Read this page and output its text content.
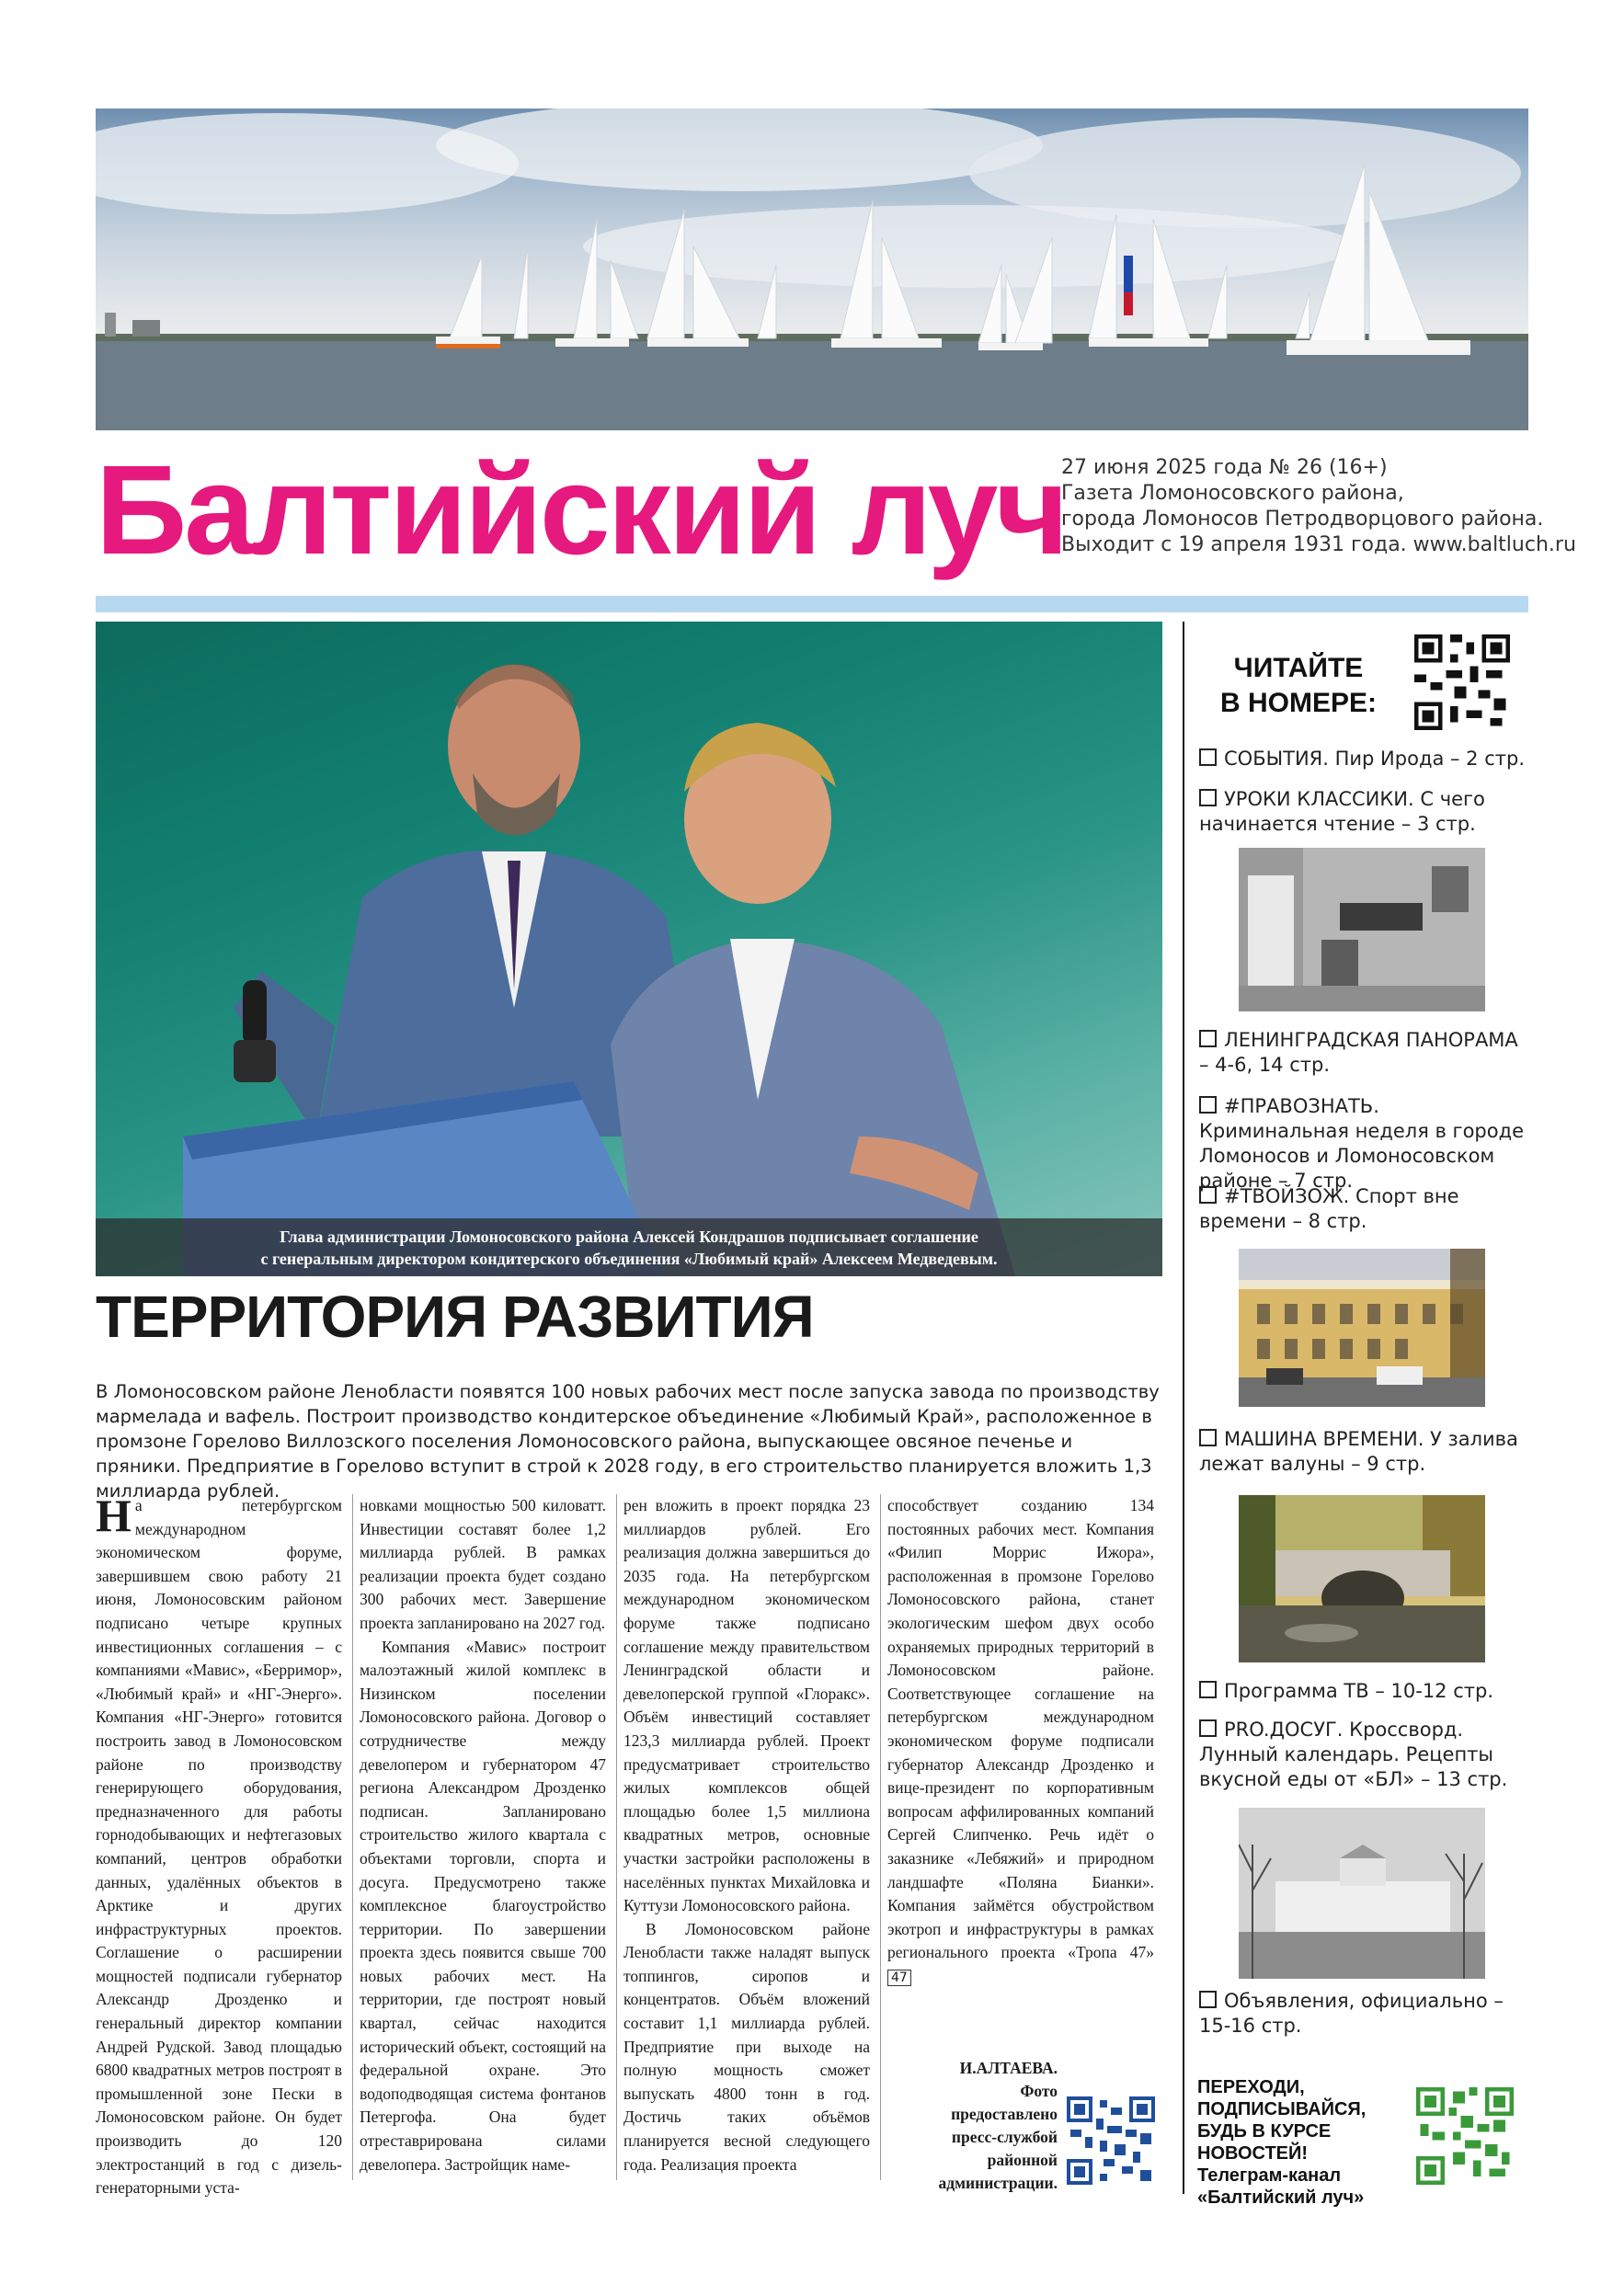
Балтийский луч
27 июня 2025 года № 26 (16+)
Газета Ломоносовского района,
города Ломоносов Петродворцового района.
Выходит с 19 апреля 1931 года. www.baltluch.ru
Глава администрации Ломоносовского района Алексей Кондрашов подписывает соглашение
с генеральным директором кондитерского объединения «Любимый край» Алексеем Медведевым.
ТЕРРИТОРИЯ РАЗВИТИЯ
В Ломоносовском районе Ленобласти появятся 100 новых рабочих мест после запуска завода по производству мармелада и вафель. Построит производство кондитерское объединение «Любимый Край», расположенное в промзоне Горелово Виллозского поселения Ломоносовского района, выпускающее овсяное печенье и пряники. Предприятие в Горелово вступит в строй к 2028 году, в его строительство планируется вложить 1,3 миллиарда рублей.

На петербургском международном экономическом форуме, завершившем свою работу 21 июня, Ломоносовским районом подписано четыре крупных инвестиционных соглашения – с компаниями «Мавис», «Берримор», «Любимый край» и «НГ-Энерго». Компания «НГ-Энерго» готовится построить завод в Ломоносовском районе по производству генерирующего оборудования, предназначенного для работы горнодобывающих и нефтегазовых компаний, центров обработки данных, удалённых объектов в Арктике и других инфраструктурных проектов. Соглашение о расширении мощностей подписали губернатор Александр Дрозденко и генеральный директор компании Андрей Рудской. Завод площадью 6800 квадратных метров построят в промышленной зоне Пески в Ломоносовском районе. Он будет производить до 120 электростанций в год с дизель-генераторными уста-

новками мощностью 500 киловатт. Инвестиции составят более 1,2 миллиарда рублей. В рамках реализации проекта будет создано 300 рабочих мест. Завершение проекта запланировано на 2027 год.

Компания «Мавис» построит малоэтажный жилой комплекс в Низинском поселении Ломоносовского района. Договор о сотрудничестве между девелопером и губернатором 47 региона Александром Дрозденко подписан. Запланировано строительство жилого квартала с объектами торговли, спорта и досуга. Предусмотрено также комплексное благоустройство территории. По завершении проекта здесь появится свыше 700 новых рабочих мест. На территории, где построят новый квартал, сейчас находится исторический объект, состоящий на федеральной охране. Это водоподводящая система фонтанов Петергофа. Она будет отреставрирована силами девелопера. Застройщик наме-

рен вложить в проект порядка 23 миллиардов рублей. Его реализация должна завершиться до 2035 года. На петербургском международном экономическом форуме также подписано соглашение между правительством Ленинградской области и девелоперской группой «Глоракс». Объём инвестиций составляет 123,3 миллиарда рублей. Проект предусматривает строительство жилых комплексов общей площадью более 1,5 миллиона квадратных метров, основные участки застройки расположены в населённых пунктах Михайловка и Куттузи Ломоносовского района.

В Ломоносовском районе Ленобласти также наладят выпуск топпингов, сиропов и концентратов. Объём вложений составит 1,1 миллиарда рублей. Предприятие при выходе на полную мощность сможет выпускать 4800 тонн в год. Достичь таких объёмов планируется весной следующего года. Реализация проекта

способствует созданию 134 постоянных рабочих мест. Компания «Филип Моррис Ижора», расположенная в промзоне Горелово Ломоносовского района, станет экологическим шефом двух особо охраняемых природных территорий в Ломоносовском районе. Соответствующее соглашение на петербургском международном экономическом форуме подписали губернатор Александр Дрозденко и вице-президент по корпоративным вопросам аффилированных компаний Сергей Слипченко. Речь идёт о заказнике «Лебяжий» и природном ландшафте «Поляна Бианки». Компания займётся обустройством экотроп и инфраструктуры в рамках регионального проекта «Тропа 47» 47

И.АЛТАЕВА.
Фото
предоставлено
пресс-службой
районной
администрации.
ЧИТАЙТЕ
В НОМЕРЕ:
СОБЫТИЯ. Пир Ирода – 2 стр.
УРОКИ КЛАССИКИ. С чего начинается чтение – 3 стр.
ЛЕНИНГРАДСКАЯ ПАНОРАМА – 4-6, 14 стр.
#ПРАВОЗНАТЬ. Криминальная неделя в городе Ломоносов и Ломоносовском районе – 7 стр.
#ТВОЙЗОЖ. Спорт вне времени – 8 стр.
МАШИНА ВРЕМЕНИ. У залива лежат валуны – 9 стр.
Программа ТВ – 10-12 стр.
PRO.ДОСУГ. Кроссворд. Лунный календарь. Рецепты вкусной еды от «БЛ» – 13 стр.
Объявления, официально – 15-16 стр.
ПЕРЕХОДИ,
ПОДПИСЫВАЙСЯ,
БУДЬ В КУРСЕ
НОВОСТЕЙ!
Телеграм-канал
«Балтийский луч»
